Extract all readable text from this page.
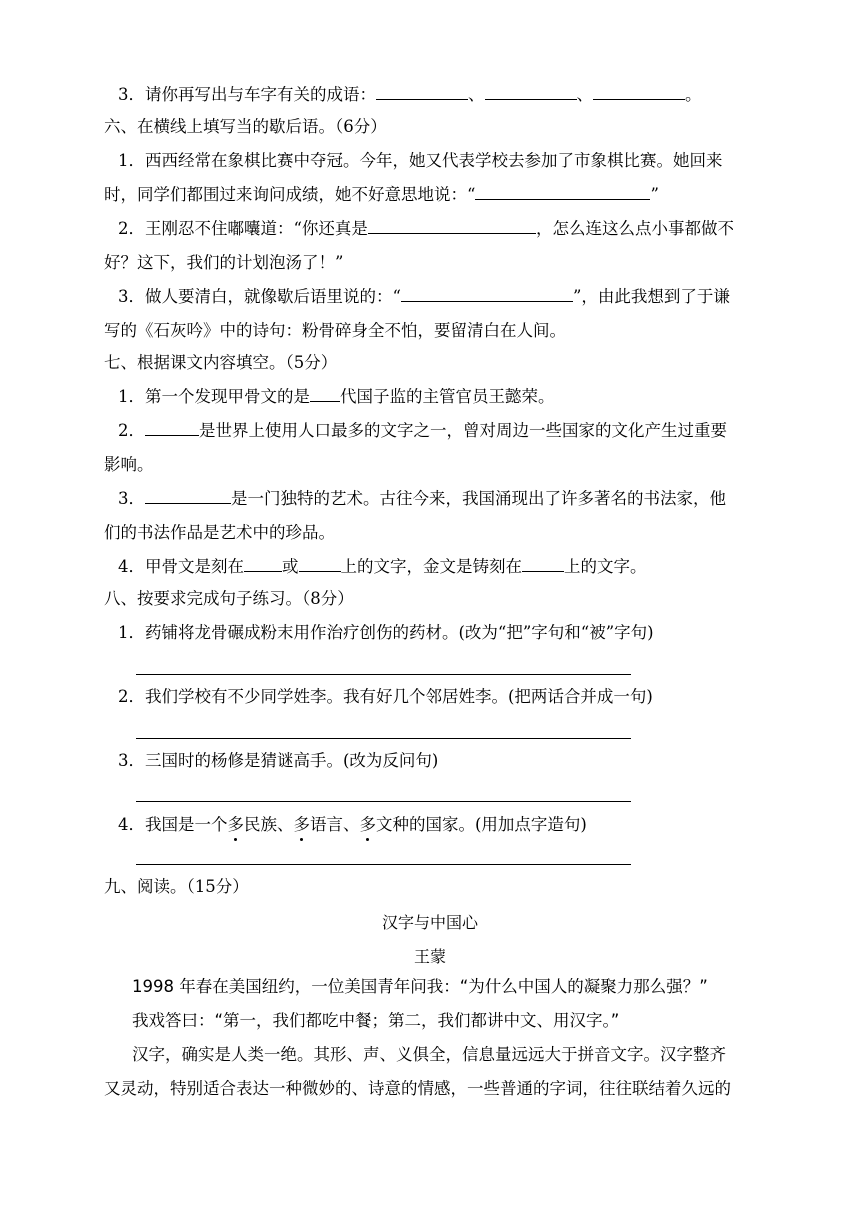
3．请你再写出与车字有关的成语：	、	、	。
六、在横线上填写当的歇后语。（6分）
1．西西经常在象棋比赛中夺冠。今年，她又代表学校去参加了市象棋比赛。她回来
时，同学们都围过来询问成绩，她不好意思地说：“	”
2．王刚忍不住嘟囔道：“你还真是	，怎么连这么点小事都做不
好？这下，我们的计划泡汤了！”
3．做人要清白，就像歇后语里说的：“	”，由此我想到了于谦
写的《石灰吟》中的诗句：粉骨碎身全不怕，要留清白在人间。
七、根据课文内容填空。（5分）
1．第一个发现甲骨文的是 代国子监的主管官员王懿荣。
2．	是世界上使用人口最多的文字之一，曾对周边一些国家的文化产生过重要
影响。
3．	是一门独特的艺术。古往今来，我国涌现出了许多著名的书法家，他
们的书法作品是艺术中的珍品。
4．甲骨文是刻在 或	上的文字，金文是铸刻在	上的文字。
八、按要求完成句子练习。（8分）
1．药铺将龙骨碾成粉末用作治疗创伤的药材。(改为“把”字句和“被”字句)
2．我们学校有不少同学姓李。我有好几个邻居姓李。(把两话合并成一句)
3．三国时的杨修是猜谜高手。(改为反问句)
4．我国是一个多民族、多语言、多文种的国家。(用加点字造句)
九、阅读。（15分）
汉字与中国心
王蒙
1998 年春在美国纽约，一位美国青年问我：“为什么中国人的凝聚力那么强？”
我戏答曰：“第一，我们都吃中餐；第二，我们都讲中文、用汉字。”
汉字，确实是人类一绝。其形、声、义俱全，信息量远远大于拼音文字。汉字整齐
又灵动，特别适合表达一种微妙的、诗意的情感，一些普通的字词，往往联结着久远的
